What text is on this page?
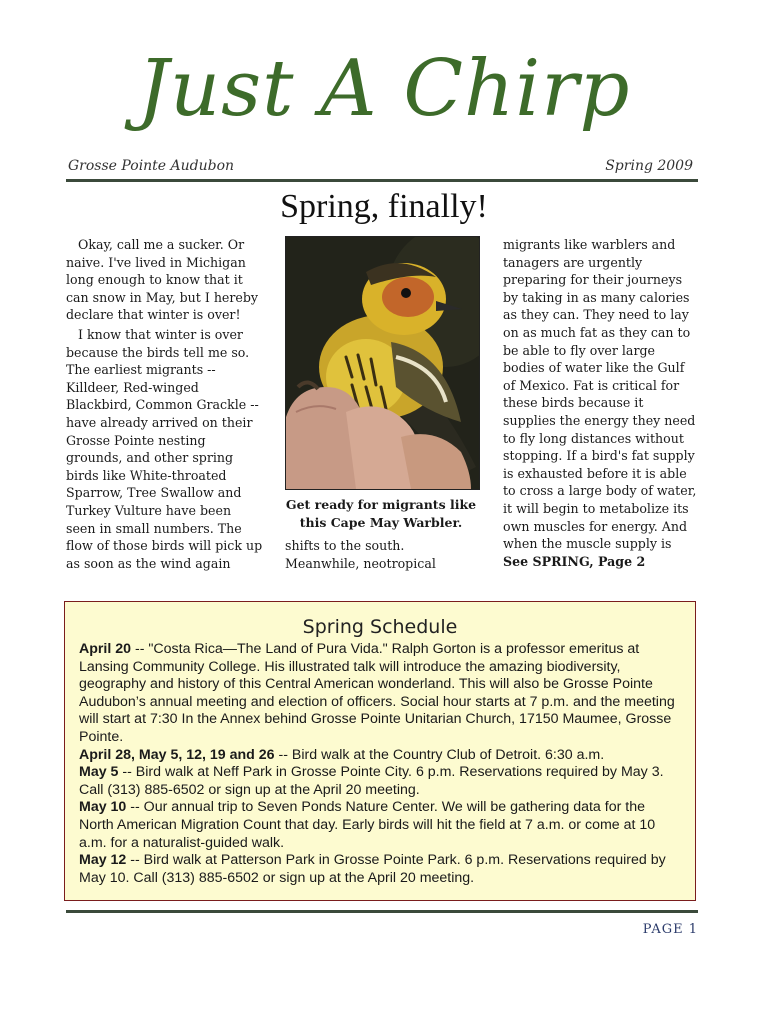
Just A Chirp
Grosse Pointe Audubon	Spring 2009
Spring, finally!

Okay, call me a sucker. Or naive. I've lived in Michigan long enough to know that it can snow in May, but I hereby declare that winter is over!

I know that winter is over because the birds tell me so. The earliest migrants -- Killdeer, Red-winged Blackbird, Common Grackle -- have already arrived on their Grosse Pointe nesting grounds, and other spring birds like White-throated Sparrow, Tree Swallow and Turkey Vulture have been seen in small numbers. The flow of those birds will pick up as soon as the wind again

Get ready for migrants like this Cape May Warbler.
shifts to the south. Meanwhile, neotropical
migrants like warblers and tanagers are urgently preparing for their journeys by taking in as many calories as they can. They need to lay on as much fat as they can to be able to fly over large bodies of water like the Gulf of Mexico. Fat is critical for these birds because it supplies the energy they need to fly long distances without stopping. If a bird's fat supply is exhausted before it is able to cross a large body of water, it will begin to metabolize its own muscles for energy. And when the muscle supply is
See SPRING, Page 2
Spring Schedule

April 20 -- "Costa Rica—The Land of Pura Vida." Ralph Gorton is a professor emeritus at Lansing Community College. His illustrated talk will introduce the amazing biodiversity, geography and history of this Central American wonderland. This will also be Grosse Pointe Audubon’s annual meeting and election of officers. Social hour starts at 7 p.m. and the meeting will start at 7:30 In the Annex behind Grosse Pointe Unitarian Church, 17150 Maumee, Grosse Pointe.

April 28, May 5, 12, 19 and 26 -- Bird walk at the Country Club of Detroit. 6:30 a.m.

May 5 -- Bird walk at Neff Park in Grosse Pointe City. 6 p.m. Reservations required by May 3. Call (313) 885-6502 or sign up at the April 20 meeting.

May 10 -- Our annual trip to Seven Ponds Nature Center. We will be gathering data for the North American Migration Count that day. Early birds will hit the field at 7 a.m. or come at 10 a.m. for a naturalist-guided walk.

May 12 -- Bird walk at Patterson Park in Grosse Pointe Park. 6 p.m. Reservations required by May 10. Call (313) 885-6502 or sign up at the April 20 meeting.

PAGE 1
